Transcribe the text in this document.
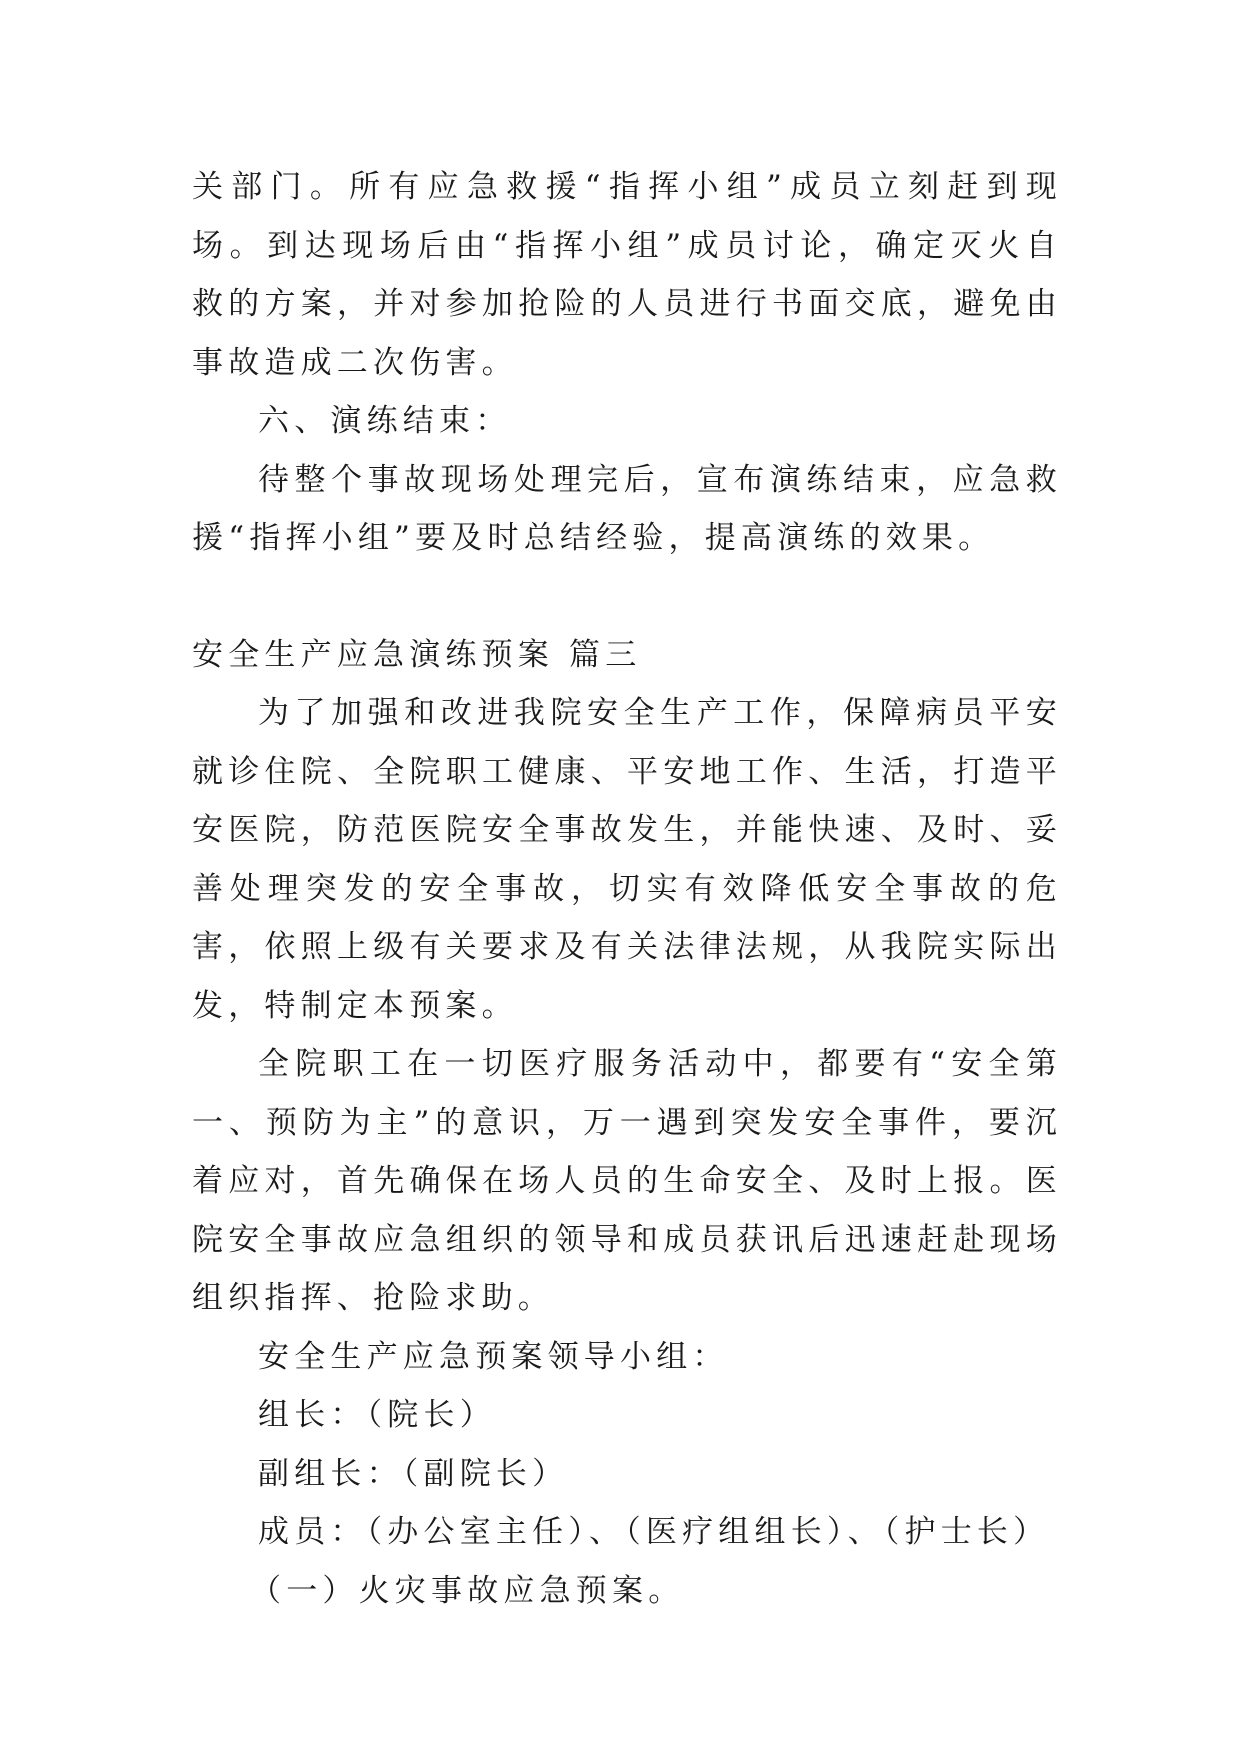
关部门。所有应急救援“指挥小组”成员立刻赶到现场。到达现场后由“指挥小组”成员讨论，确定灭火自救的方案，并对参加抢险的人员进行书面交底，避免由事故造成二次伤害。

六、演练结束：

待整个事故现场处理完后，宣布演练结束，应急救援“指挥小组”要及时总结经验，提高演练的效果。

安全生产应急演练预案 篇三

为了加强和改进我院安全生产工作，保障病员平安就诊住院、全院职工健康、平安地工作、生活，打造平安医院，防范医院安全事故发生，并能快速、及时、妥善处理突发的安全事故，切实有效降低安全事故的危害，依照上级有关要求及有关法律法规，从我院实际出发，特制定本预案。

全院职工在一切医疗服务活动中，都要有“安全第一、预防为主”的意识，万一遇到突发安全事件，要沉着应对，首先确保在场人员的生命安全、及时上报。医院安全事故应急组织的领导和成员获讯后迅速赶赴现场组织指挥、抢险求助。

安全生产应急预案领导小组：

组长：（院长）

副组长：（副院长）

成员：（办公室主任）、（医疗组组长）、（护士长）

（一）火灾事故应急预案。
